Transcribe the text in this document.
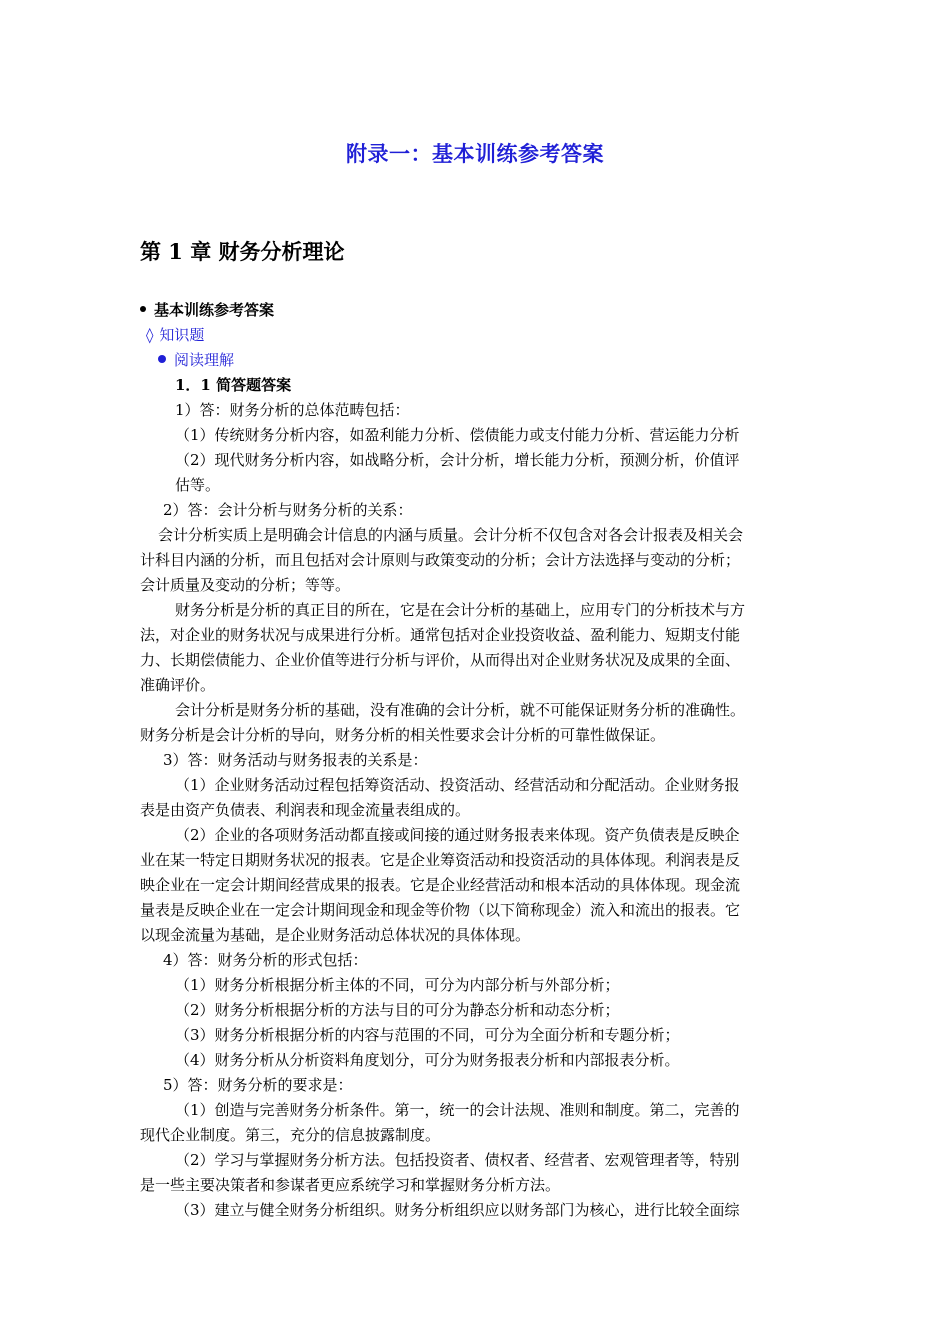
附录一：基本训练参考答案
第 1 章 财务分析理论
基本训练参考答案
◊ 知识题
阅读理解
1．1 简答题答案
1）答：财务分析的总体范畴包括：
（1）传统财务分析内容，如盈利能力分析、偿债能力或支付能力分析、营运能力分析
（2）现代财务分析内容，如战略分析，会计分析，增长能力分析，预测分析，价值评
估等。
2）答：会计分析与财务分析的关系：
会计分析实质上是明确会计信息的内涵与质量。会计分析不仅包含对各会计报表及相关会
计科目内涵的分析，而且包括对会计原则与政策变动的分析；会计方法选择与变动的分析；
会计质量及变动的分析；等等。
财务分析是分析的真正目的所在，它是在会计分析的基础上，应用专门的分析技术与方
法，对企业的财务状况与成果进行分析。通常包括对企业投资收益、盈利能力、短期支付能
力、长期偿债能力、企业价值等进行分析与评价，从而得出对企业财务状况及成果的全面、
准确评价。
会计分析是财务分析的基础，没有准确的会计分析，就不可能保证财务分析的准确性。
财务分析是会计分析的导向，财务分析的相关性要求会计分析的可靠性做保证。
3）答：财务活动与财务报表的关系是：
（1）企业财务活动过程包括筹资活动、投资活动、经营活动和分配活动。企业财务报
表是由资产负债表、利润表和现金流量表组成的。
（2）企业的各项财务活动都直接或间接的通过财务报表来体现。资产负债表是反映企
业在某一特定日期财务状况的报表。它是企业筹资活动和投资活动的具体体现。利润表是反
映企业在一定会计期间经营成果的报表。它是企业经营活动和根本活动的具体体现。现金流
量表是反映企业在一定会计期间现金和现金等价物（以下简称现金）流入和流出的报表。它
以现金流量为基础，是企业财务活动总体状况的具体体现。
4）答：财务分析的形式包括：
（1）财务分析根据分析主体的不同，可分为内部分析与外部分析；
（2）财务分析根据分析的方法与目的可分为静态分析和动态分析；
（3）财务分析根据分析的内容与范围的不同，可分为全面分析和专题分析；
（4）财务分析从分析资料角度划分，可分为财务报表分析和内部报表分析。
5）答：财务分析的要求是：
（1）创造与完善财务分析条件。第一，统一的会计法规、准则和制度。第二，完善的
现代企业制度。第三，充分的信息披露制度。
（2）学习与掌握财务分析方法。包括投资者、债权者、经营者、宏观管理者等，特别
是一些主要决策者和参谋者更应系统学习和掌握财务分析方法。
（3）建立与健全财务分析组织。财务分析组织应以财务部门为核心，进行比较全面综
